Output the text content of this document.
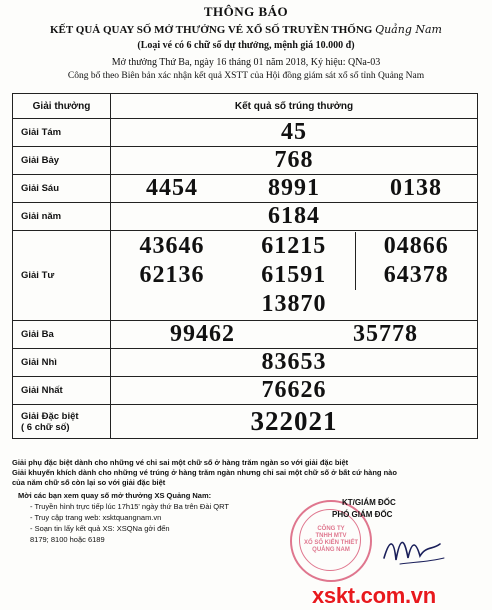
THÔNG BÁO
KẾT QUẢ QUAY SỐ MỞ THƯỞNG VÉ XỔ SỐ TRUYỀN THỐNG Quảng Nam
(Loại vé có 6 chữ số dự thưởng, mệnh giá 10.000 đ)
Mở thưởng Thứ Ba, ngày 16 tháng 01 năm 2018, Ký hiệu: QNa-03
Công bố theo Biên bản xác nhận kết quả XSTT của Hội đồng giám sát xổ số tỉnh Quảng Nam
Giải thưởng	Kết quả số trúng thưởng
Giải Tám	45
Giải Bảy	768
Giải Sáu		4454	8991	0138

Giải năm	6184
Giải Tư	
43646	61215	04866
62136	61591	64378
13870

Giải Ba		99462	35778

Giải Nhì	83653
Giải Nhất	76626

Giải Đặc biệt
( 6 chữ số)	322021
Giải phụ đặc biệt dành cho những vé chỉ sai một chữ số ở hàng trăm ngàn so với giải đặc biệt
Giải khuyến khích dành cho những vé trúng ở hàng trăm ngàn nhưng chỉ sai một chữ số ở bất cứ hàng nào
của năm chữ số còn lại so với giải đặc biệt
Mời các bạn xem quay số mở thưởng XS Quảng Nam:
- Truyền hình trực tiếp lúc 17h15' ngày thứ Ba trên Đài QRT
- Truy cập trang web: xsktquangnam.vn
- Soạn tin lấy kết quả XS: XSQNa gởi đến
8179; 8100 hoặc 6189
CÔNG TY
TNHH MTV
XỔ SỐ KIẾN THIẾT
QUẢNG NAM
KT/GIÁM ĐỐC
PHÓ GIÁM ĐỐC
xskt.com.vn
